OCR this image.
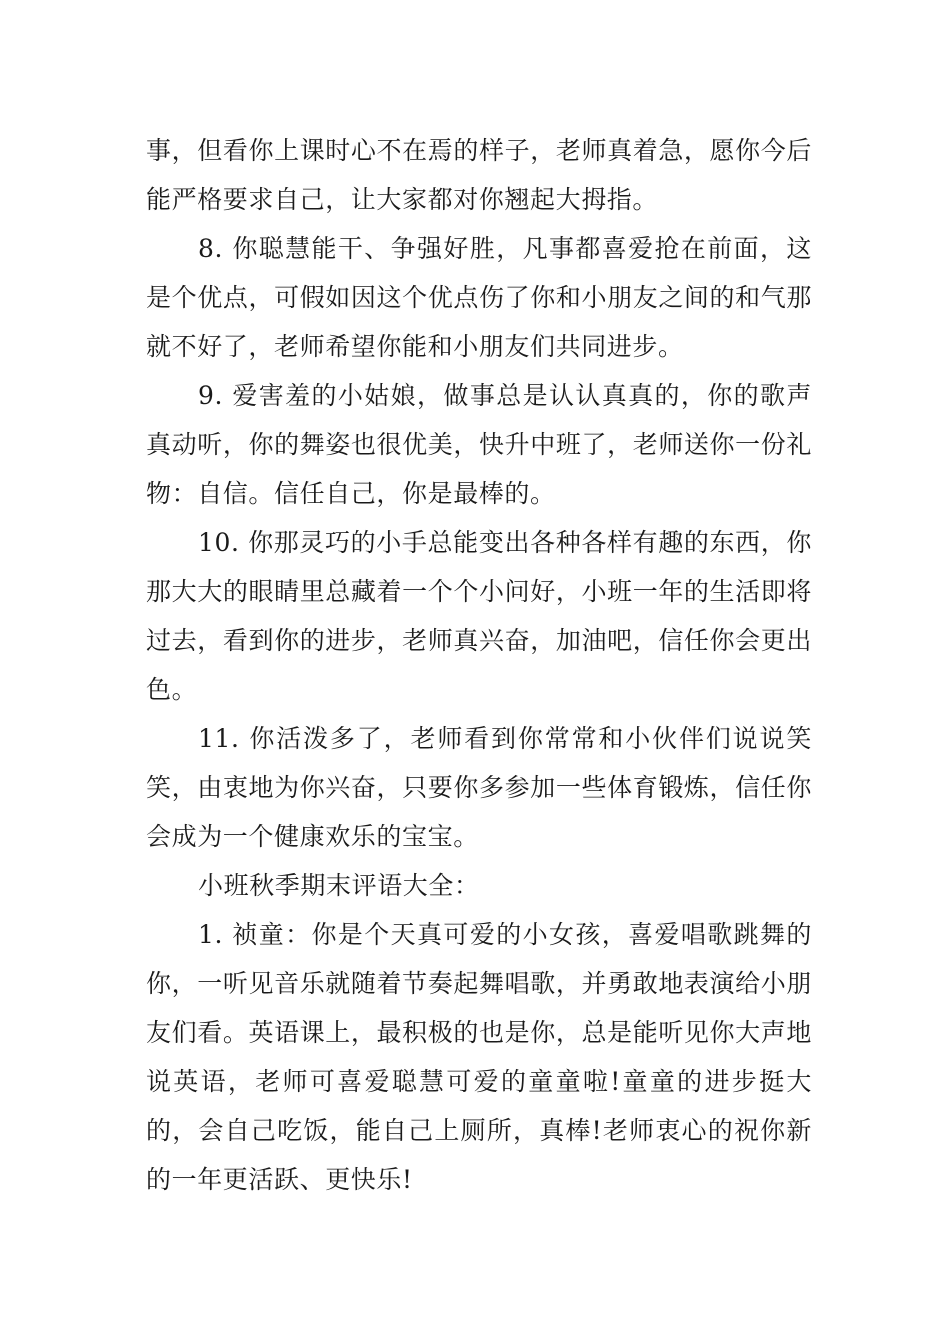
事，但看你上课时心不在焉的样子，老师真着急，愿你今后能严格要求自己，让大家都对你翘起大拇指。

8. 你聪慧能干、争强好胜，凡事都喜爱抢在前面，这是个优点，可假如因这个优点伤了你和小朋友之间的和气那就不好了，老师希望你能和小朋友们共同进步。

9. 爱害羞的小姑娘，做事总是认认真真的，你的歌声真动听，你的舞姿也很优美，快升中班了，老师送你一份礼物：自信。信任自己，你是最棒的。

10. 你那灵巧的小手总能变出各种各样有趣的东西，你那大大的眼睛里总藏着一个个小问好，小班一年的生活即将过去，看到你的进步，老师真兴奋，加油吧，信任你会更出色。

11. 你活泼多了，老师看到你常常和小伙伴们说说笑笑，由衷地为你兴奋，只要你多参加一些体育锻炼，信任你会成为一个健康欢乐的宝宝。

小班秋季期末评语大全：

1. 祯童：你是个天真可爱的小女孩，喜爱唱歌跳舞的你，一听见音乐就随着节奏起舞唱歌，并勇敢地表演给小朋友们看。英语课上，最积极的也是你，总是能听见你大声地说英语，老师可喜爱聪慧可爱的童童啦!童童的进步挺大的，会自己吃饭，能自己上厕所，真棒!老师衷心的祝你新的一年更活跃、更快乐!
